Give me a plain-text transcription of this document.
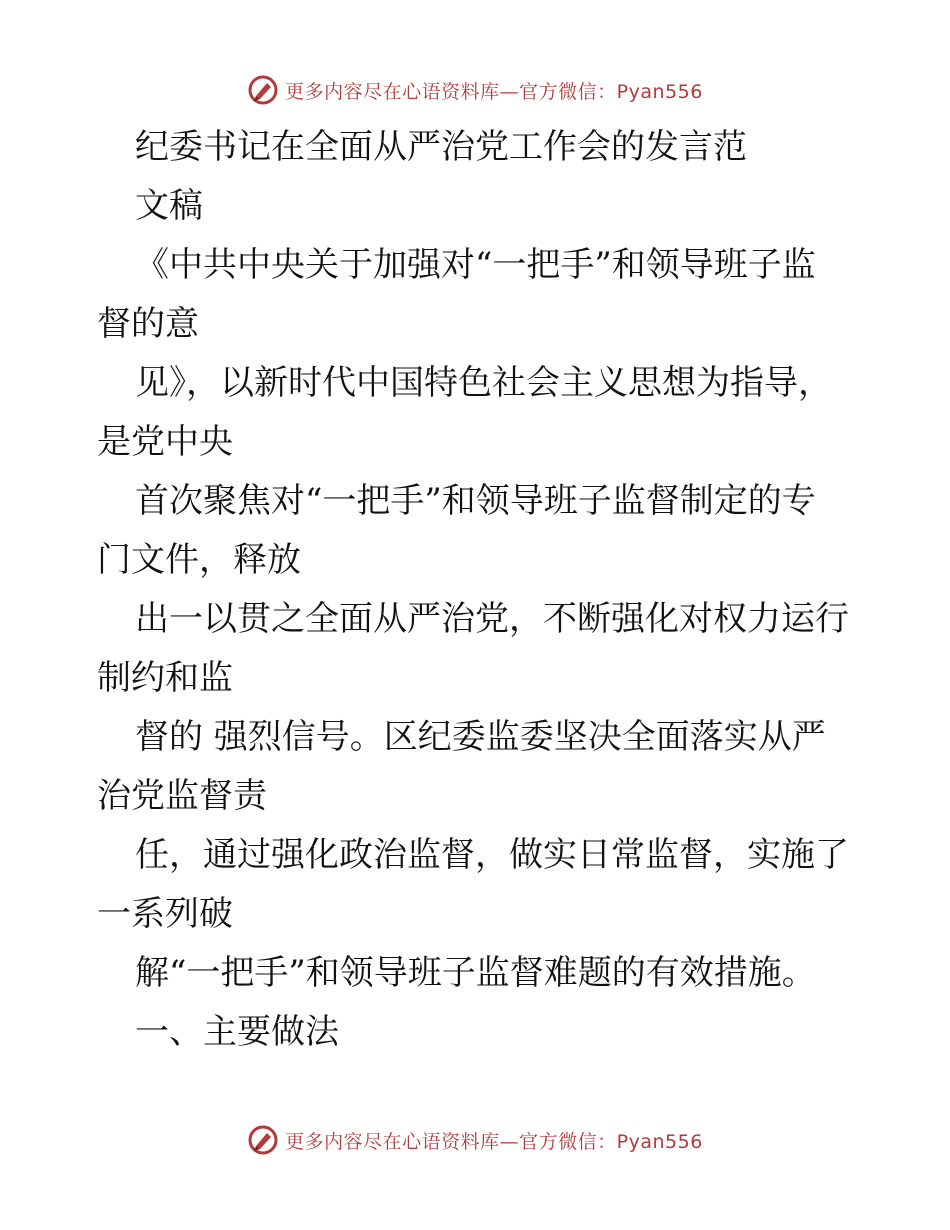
更多内容尽在心语资料库—官方微信：Pyan556
纪委书记在全面从严治党工作会的发言范
文稿
《中共中央关于加强对“一把手”和领导班子监
督的意
见》，以新时代中国特色社会主义思想为指导，
是党中央
首次聚焦对“一把手”和领导班子监督制定的专
门文件，释放
出一以贯之全面从严治党，不断强化对权力运行
制约和监
督的 强烈信号。区纪委监委坚决全面落实从严
治党监督责
任，通过强化政治监督，做实日常监督，实施了
一系列破
解“一把手”和领导班子监督难题的有效措施。
一、主要做法
更多内容尽在心语资料库—官方微信：Pyan556
